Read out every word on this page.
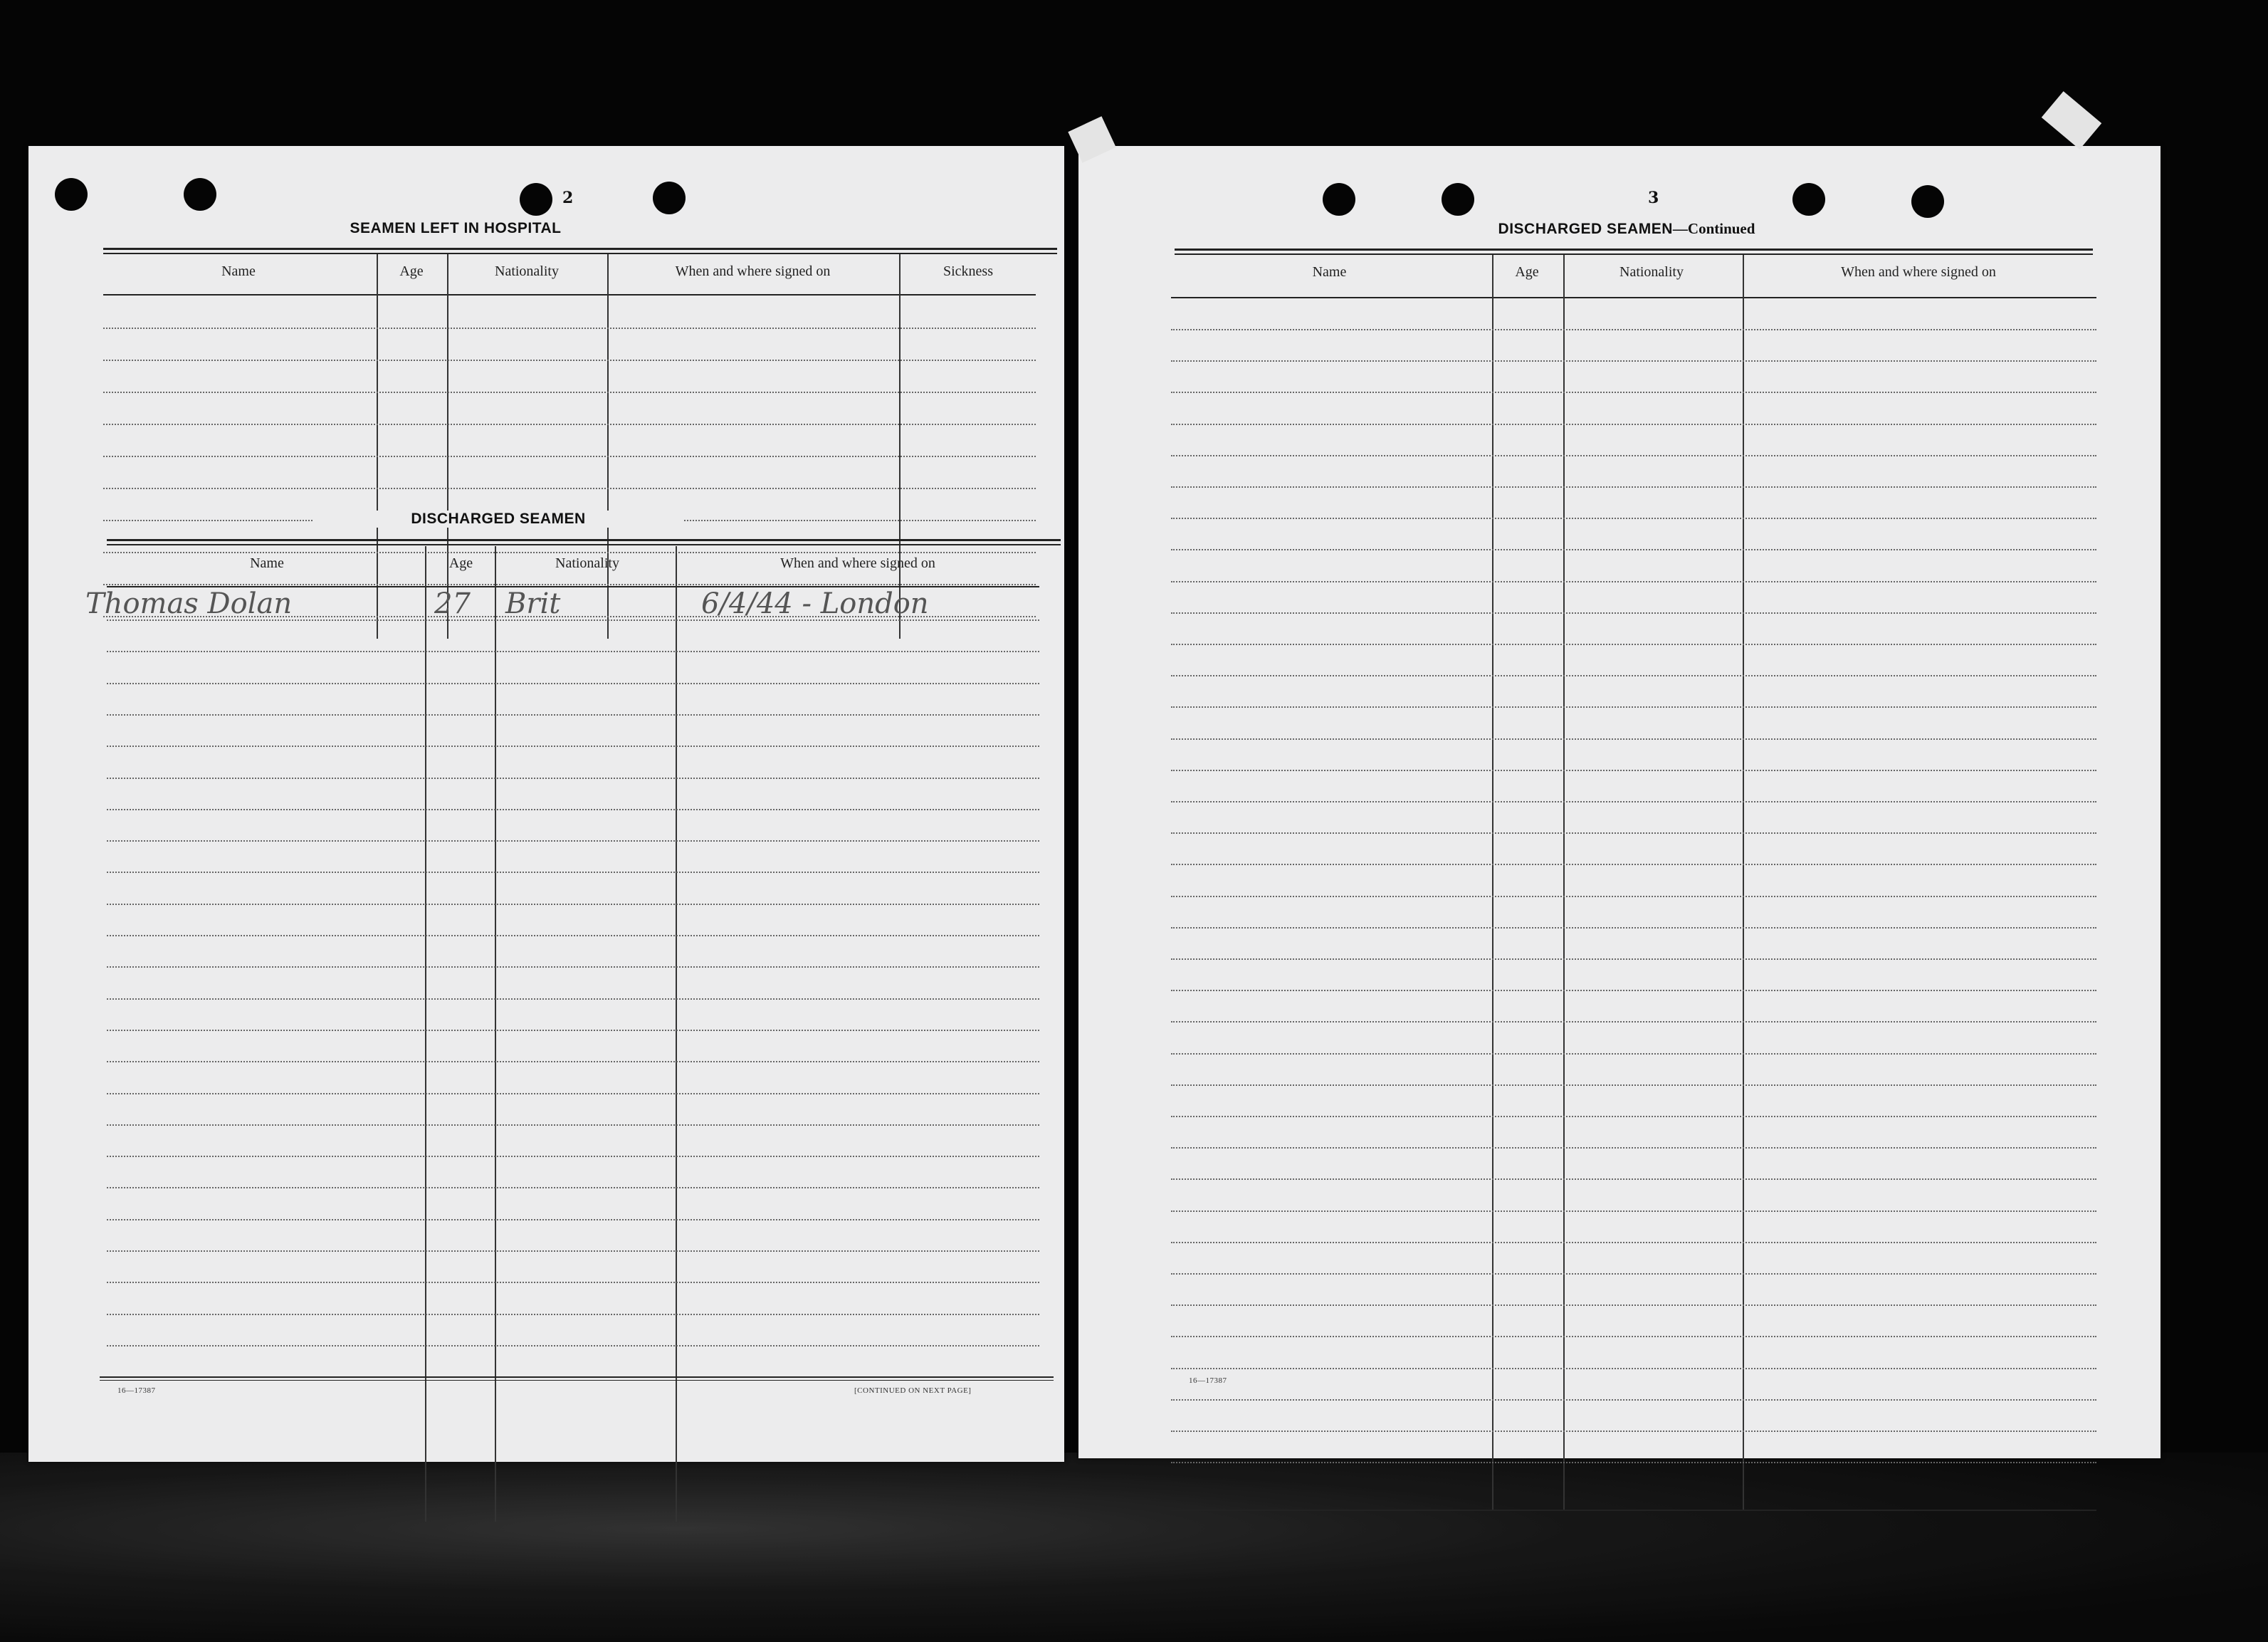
2
SEAMEN LEFT IN HOSPITAL
Name	Age	Nationality	When and where signed on	Sickness
DISCHARGED SEAMEN
Name	Age	Nationality	When and where signed on
Thomas Dolan	27 Brit	6/4/44 - London
16—17387	[CONTINUED ON NEXT PAGE]
3
DISCHARGED SEAMEN—Continued
Name	Age	Nationality	When and where signed on
16—17387
